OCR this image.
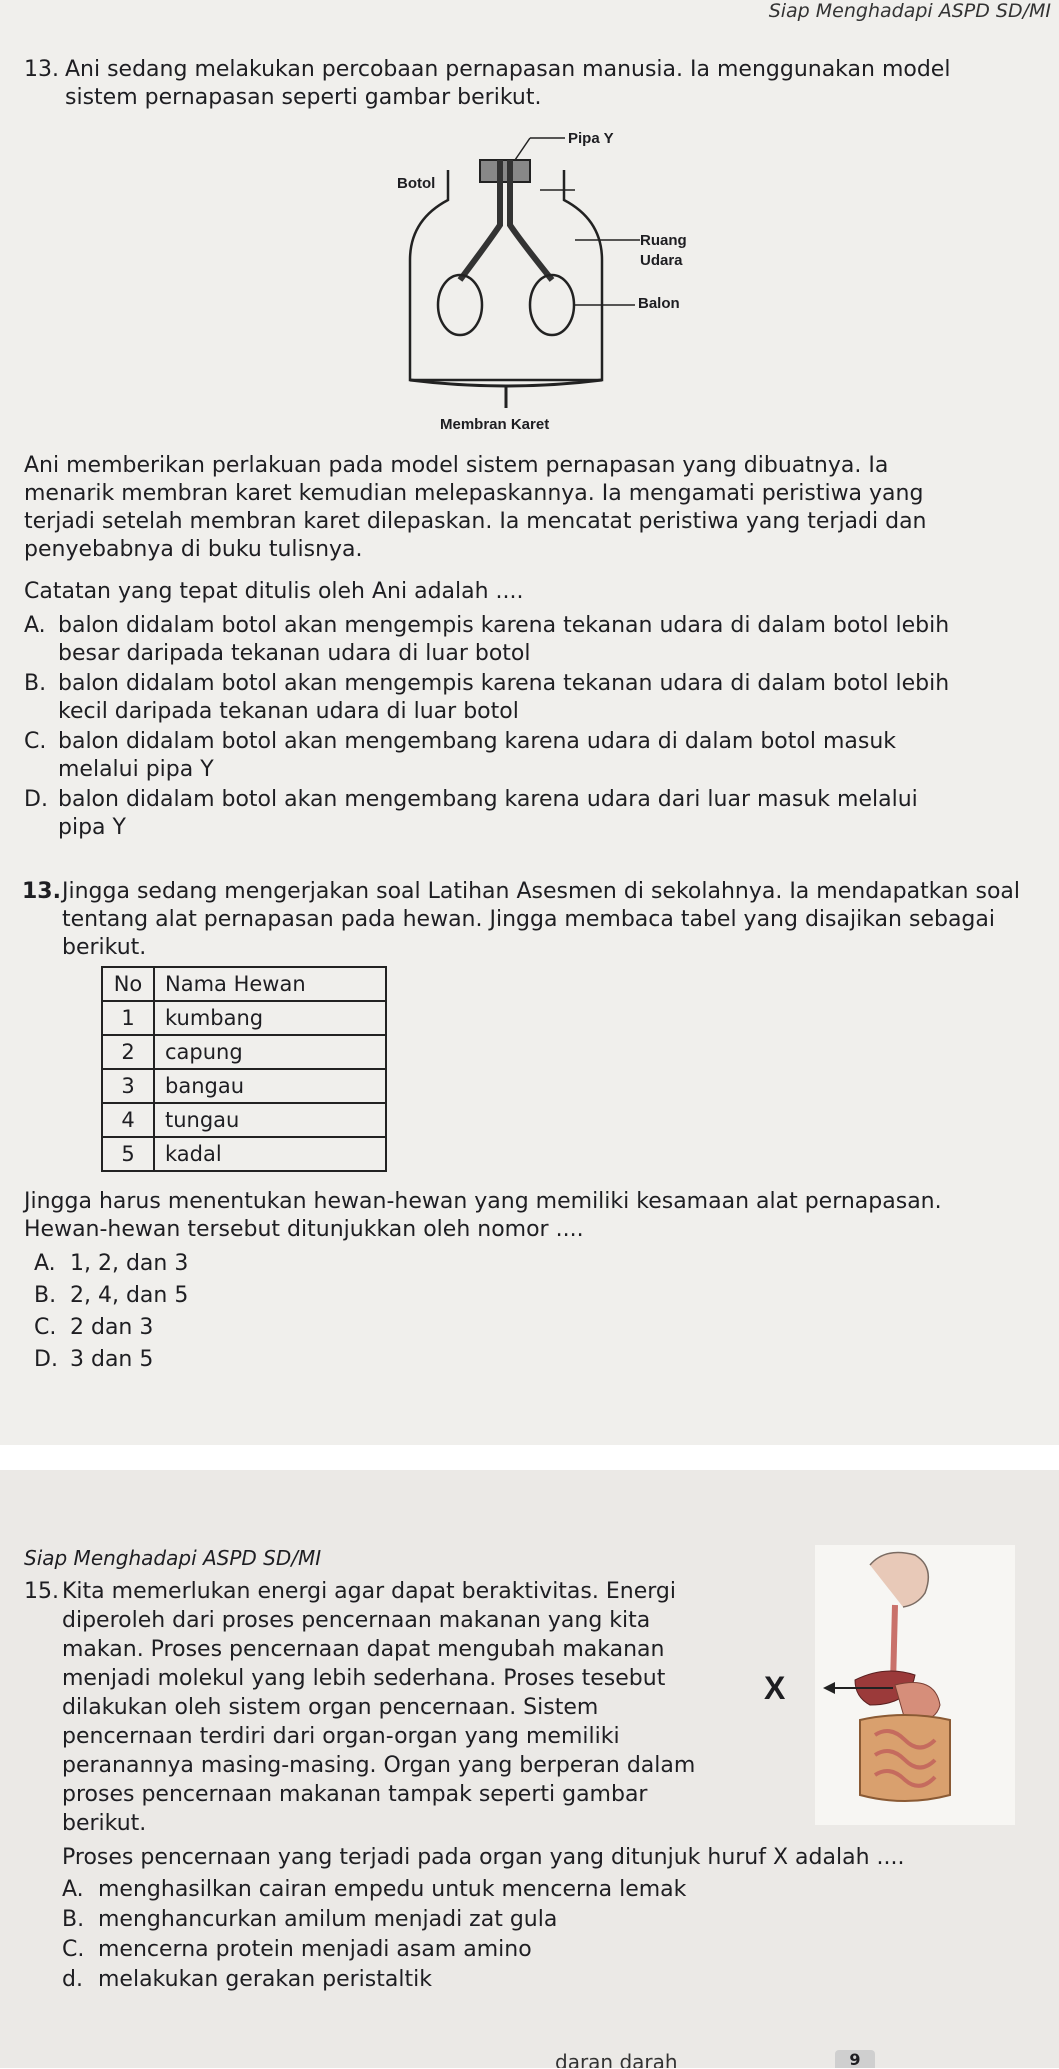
Siap Menghadapi ASPD SD/MI
13. Ani sedang melakukan percobaan pernapasan manusia. Ia menggunakan model
sistem pernapasan seperti gambar berikut.
Botol
Pipa Y
Ruang
Udara
Balon
Membran Karet
Ani memberikan perlakuan pada model sistem pernapasan yang dibuatnya. Ia
menarik membran karet kemudian melepaskannya. Ia mengamati peristiwa yang
terjadi setelah membran karet dilepaskan. Ia mencatat peristiwa yang terjadi dan
penyebabnya di buku tulisnya.
Catatan yang tepat ditulis oleh Ani adalah ....
A. balon didalam botol akan mengempis karena tekanan udara di dalam botol lebih
besar daripada tekanan udara di luar botol
B. balon didalam botol akan mengempis karena tekanan udara di dalam botol lebih
kecil daripada tekanan udara di luar botol
C. balon didalam botol akan mengembang karena udara di dalam botol masuk
melalui pipa Y
D. balon didalam botol akan mengembang karena udara dari luar masuk melalui
pipa Y
13. Jingga sedang mengerjakan soal Latihan Asesmen di sekolahnya. Ia mendapatkan soal
tentang alat pernapasan pada hewan. Jingga membaca tabel yang disajikan sebagai
berikut.
No	Nama Hewan
1	kumbang
2	capung
3	bangau
4	tungau
5	kadal
Jingga harus menentukan hewan-hewan yang memiliki kesamaan alat pernapasan.
Hewan-hewan tersebut ditunjukkan oleh nomor ....
A. 1, 2, dan 3
B. 2, 4, dan 5
C. 2 dan 3
D. 3 dan 5
Siap Menghadapi ASPD SD/MI
15. Kita memerlukan energi agar dapat beraktivitas. Energi
diperoleh dari proses pencernaan makanan yang kita
makan. Proses pencernaan dapat mengubah makanan
menjadi molekul yang lebih sederhana. Proses tesebut
dilakukan oleh sistem organ pencernaan. Sistem
pencernaan terdiri dari organ-organ yang memiliki
peranannya masing-masing. Organ yang berperan dalam
proses pencernaan makanan tampak seperti gambar
berikut.
X
Proses pencernaan yang terjadi pada organ yang ditunjuk huruf X adalah ....
A. menghasilkan cairan empedu untuk mencerna lemak
B. menghancurkan amilum menjadi zat gula
C. mencerna protein menjadi asam amino
d. melakukan gerakan peristaltik
daran darah	9
